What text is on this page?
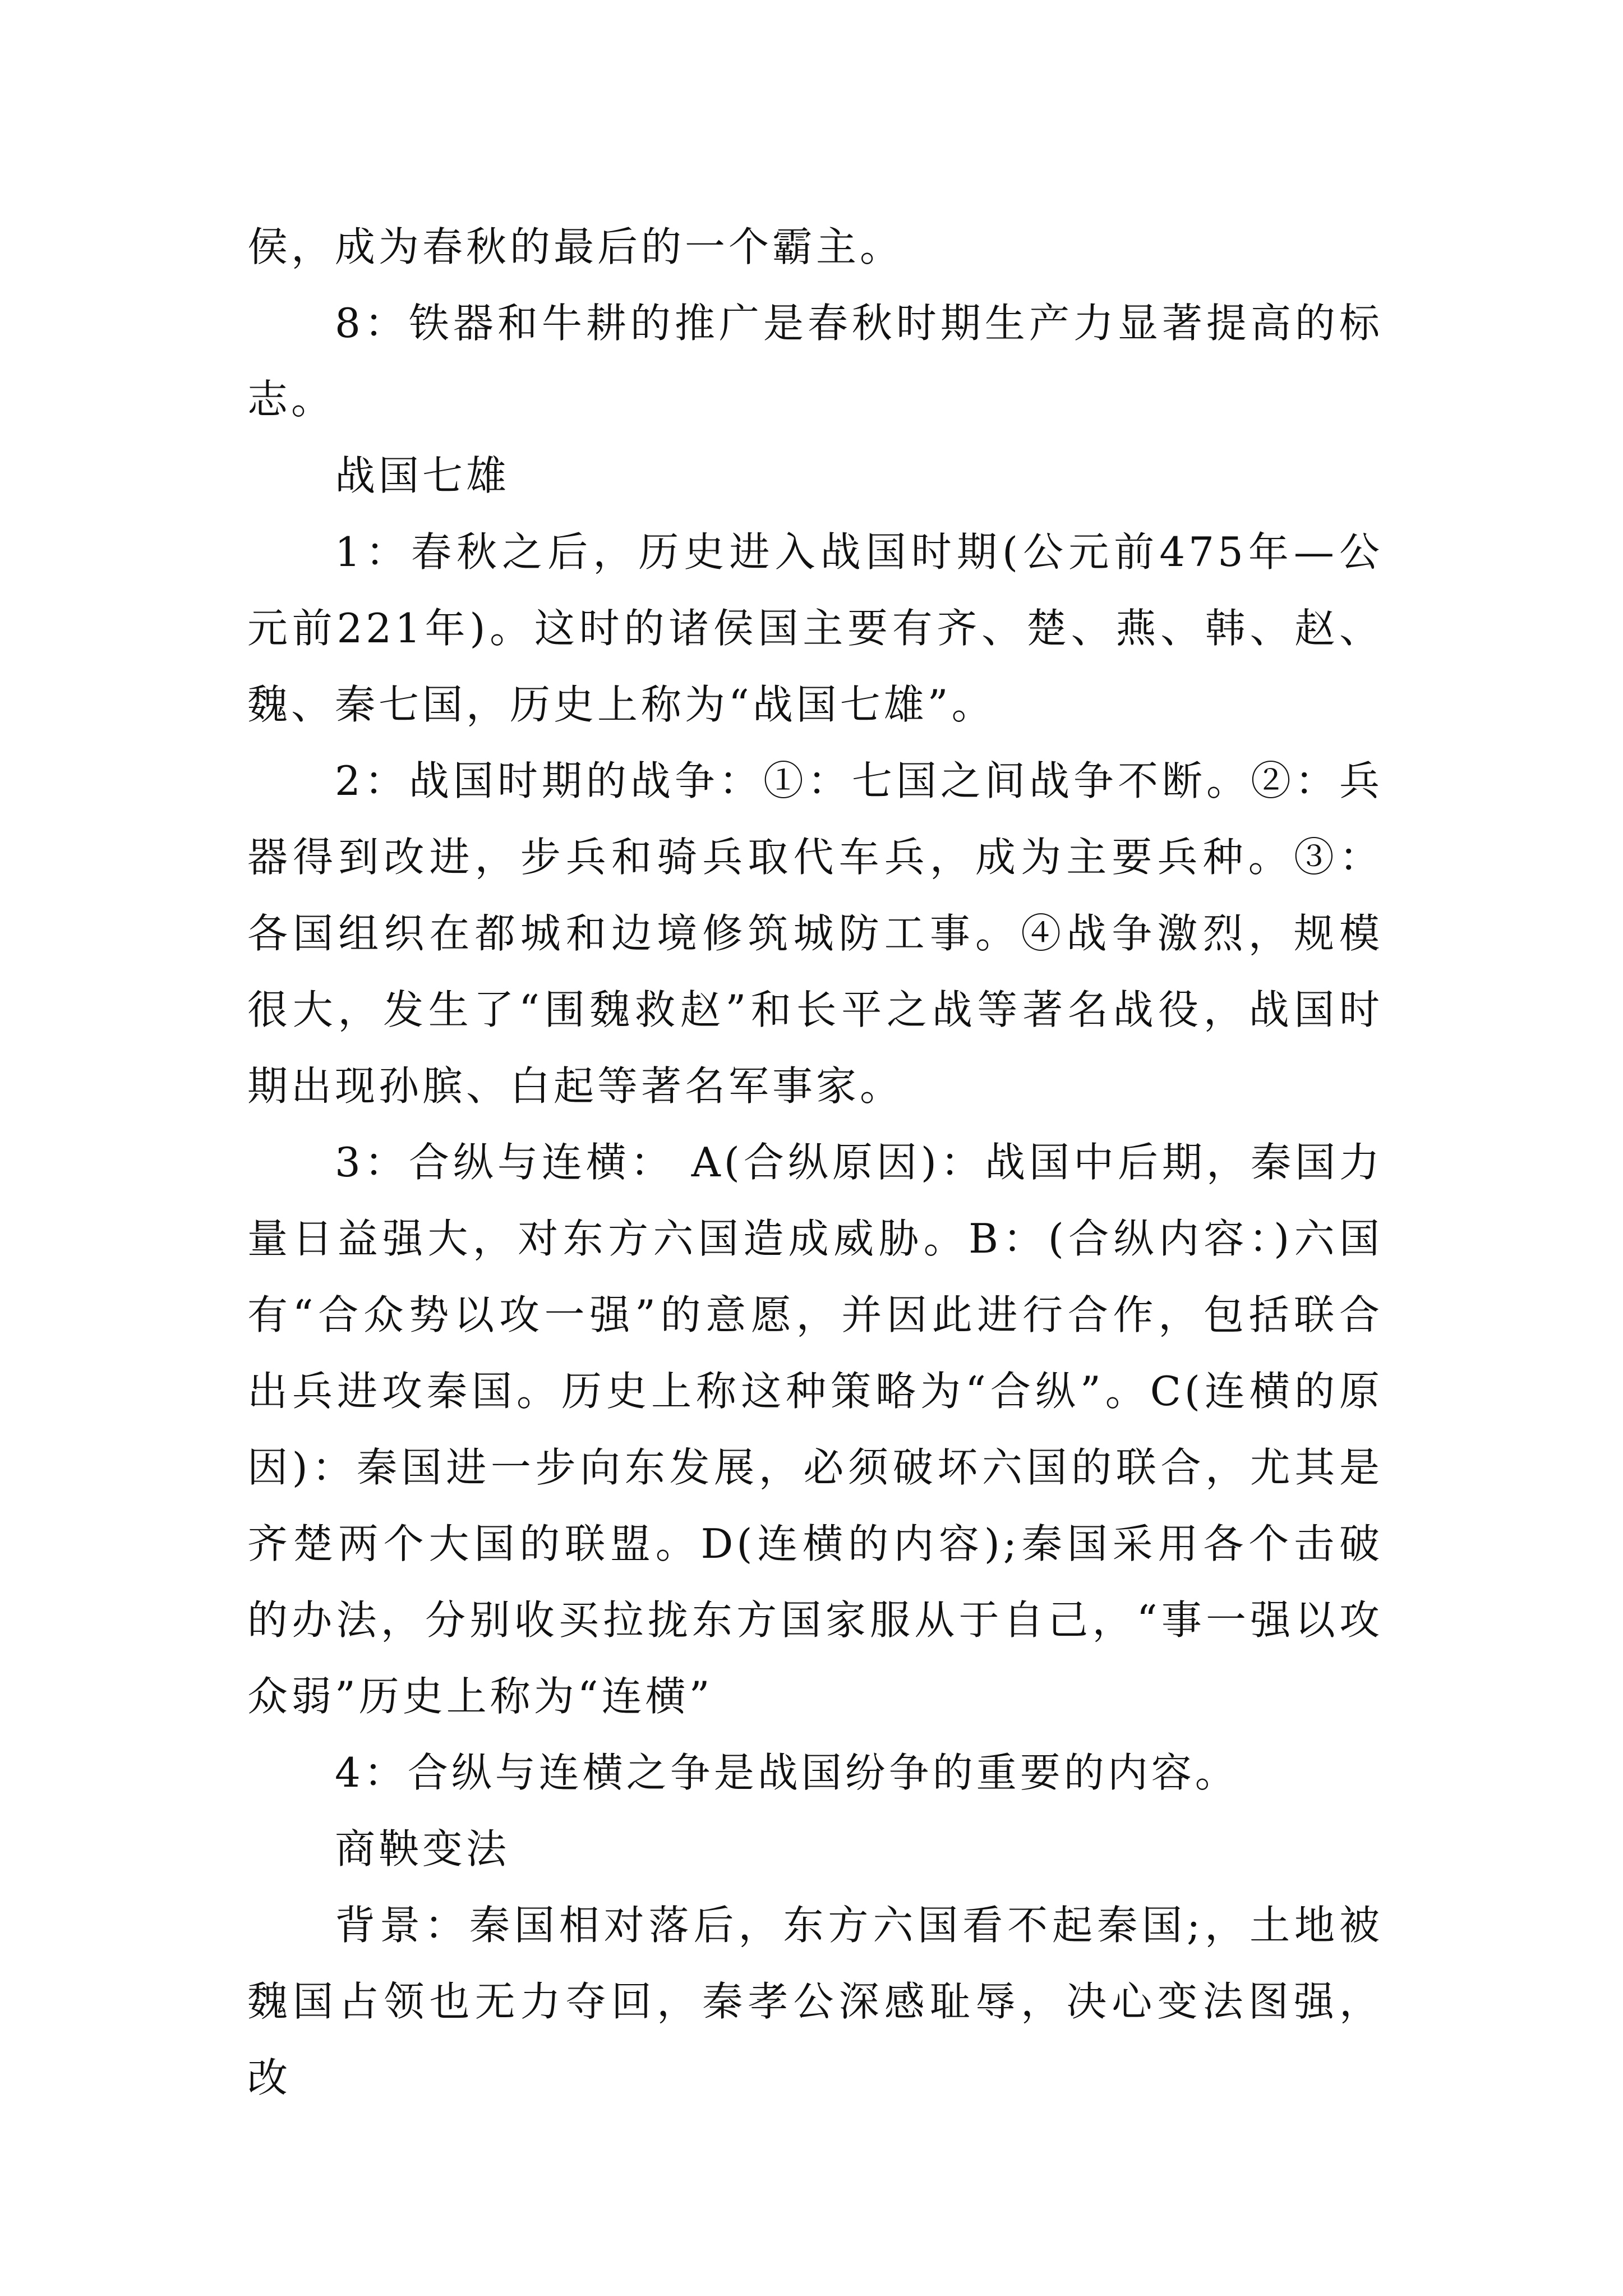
侯，成为春秋的最后的一个霸主。

8：铁器和牛耕的推广是春秋时期生产力显著提高的标志。

战国七雄

1：春秋之后，历史进入战国时期(公元前475年—公元前221年)。这时的诸侯国主要有齐、楚、燕、韩、赵、魏、秦七国，历史上称为“战国七雄”。

2：战国时期的战争：①：七国之间战争不断。②：兵器得到改进，步兵和骑兵取代车兵，成为主要兵种。③：各国组织在都城和边境修筑城防工事。④战争激烈，规模很大，发生了“围魏救赵”和长平之战等著名战役，战国时期出现孙膑、白起等著名军事家。

3：合纵与连横： A(合纵原因)：战国中后期，秦国力量日益强大，对东方六国造成威胁。B：(合纵内容：)六国有“合众势以攻一强”的意愿，并因此进行合作，包括联合出兵进攻秦国。历史上称这种策略为“合纵”。C(连横的原因)：秦国进一步向东发展，必须破坏六国的联合，尤其是齐楚两个大国的联盟。D(连横的内容);秦国采用各个击破的办法，分别收买拉拢东方国家服从于自己，“事一强以攻众弱”历史上称为“连横”

4：合纵与连横之争是战国纷争的重要的内容。

商鞅变法

背景：秦国相对落后，东方六国看不起秦国;，土地被魏国占领也无力夺回，秦孝公深感耻辱，决心变法图强，改
